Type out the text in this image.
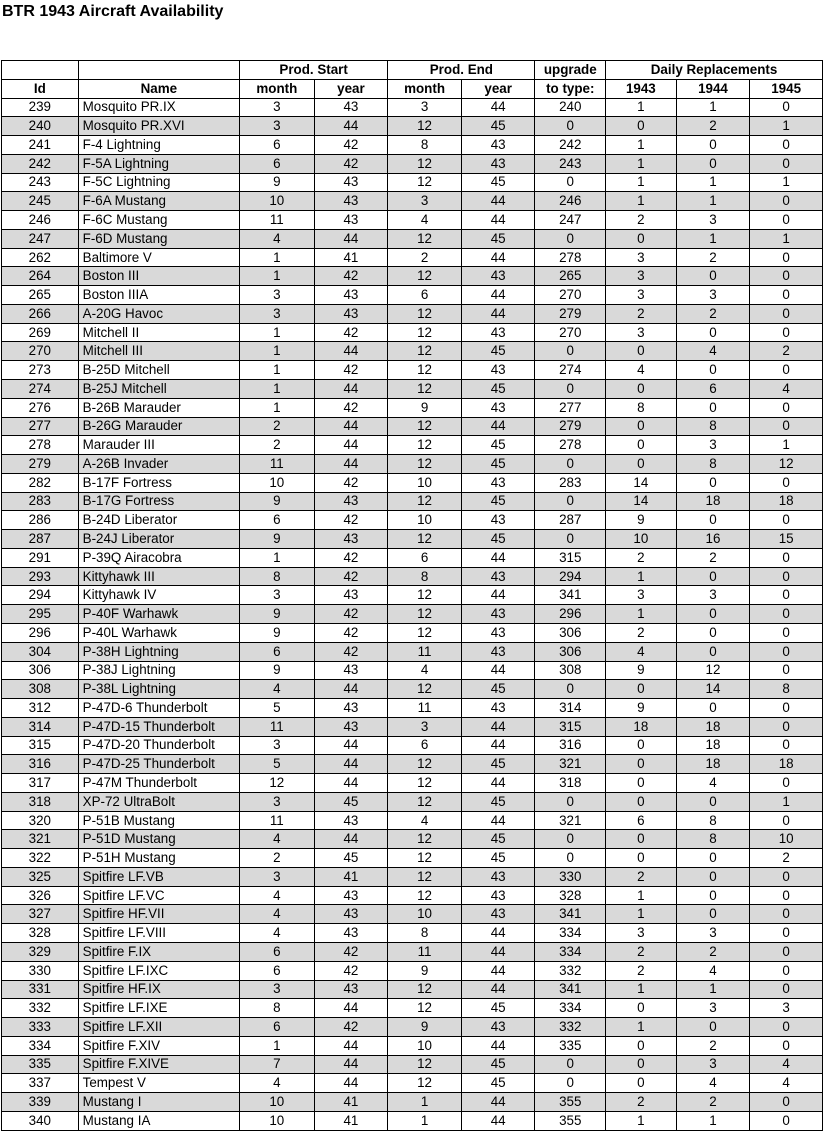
BTR 1943 Aircraft Availability
		Prod. Start		Prod. End		upgrade	Daily Replacements		
Id	Name	month	year	month	year	to type:	1943	1944	1945
239	Mosquito PR.IX	3	43	3	44	240	1	1	0
240	Mosquito PR.XVI	3	44	12	45	0	0	2	1
241	F-4 Lightning	6	42	8	43	242	1	0	0
242	F-5A Lightning	6	42	12	43	243	1	0	0
243	F-5C Lightning	9	43	12	45	0	1	1	1
245	F-6A Mustang	10	43	3	44	246	1	1	0
246	F-6C Mustang	11	43	4	44	247	2	3	0
247	F-6D Mustang	4	44	12	45	0	0	1	1
262	Baltimore V	1	41	2	44	278	3	2	0
264	Boston III	1	42	12	43	265	3	0	0
265	Boston IIIA	3	43	6	44	270	3	3	0
266	A-20G Havoc	3	43	12	44	279	2	2	0
269	Mitchell II	1	42	12	43	270	3	0	0
270	Mitchell III	1	44	12	45	0	0	4	2
273	B-25D Mitchell	1	42	12	43	274	4	0	0
274	B-25J Mitchell	1	44	12	45	0	0	6	4
276	B-26B Marauder	1	42	9	43	277	8	0	0
277	B-26G Marauder	2	44	12	44	279	0	8	0
278	Marauder III	2	44	12	45	278	0	3	1
279	A-26B Invader	11	44	12	45	0	0	8	12
282	B-17F Fortress	10	42	10	43	283	14	0	0
283	B-17G Fortress	9	43	12	45	0	14	18	18
286	B-24D Liberator	6	42	10	43	287	9	0	0
287	B-24J Liberator	9	43	12	45	0	10	16	15
291	P-39Q Airacobra	1	42	6	44	315	2	2	0
293	Kittyhawk III	8	42	8	43	294	1	0	0
294	Kittyhawk IV	3	43	12	44	341	3	3	0
295	P-40F Warhawk	9	42	12	43	296	1	0	0
296	P-40L Warhawk	9	42	12	43	306	2	0	0
304	P-38H Lightning	6	42	11	43	306	4	0	0
306	P-38J Lightning	9	43	4	44	308	9	12	0
308	P-38L Lightning	4	44	12	45	0	0	14	8
312	P-47D-6 Thunderbolt	5	43	11	43	314	9	0	0
314	P-47D-15 Thunderbolt	11	43	3	44	315	18	18	0
315	P-47D-20 Thunderbolt	3	44	6	44	316	0	18	0
316	P-47D-25 Thunderbolt	5	44	12	45	321	0	18	18
317	P-47M Thunderbolt	12	44	12	44	318	0	4	0
318	XP-72 UltraBolt	3	45	12	45	0	0	0	1
320	P-51B Mustang	11	43	4	44	321	6	8	0
321	P-51D Mustang	4	44	12	45	0	0	8	10
322	P-51H Mustang	2	45	12	45	0	0	0	2
325	Spitfire LF.VB	3	41	12	43	330	2	0	0
326	Spitfire LF.VC	4	43	12	43	328	1	0	0
327	Spitfire HF.VII	4	43	10	43	341	1	0	0
328	Spitfire LF.VIII	4	43	8	44	334	3	3	0
329	Spitfire F.IX	6	42	11	44	334	2	2	0
330	Spitfire LF.IXC	6	42	9	44	332	2	4	0
331	Spitfire HF.IX	3	43	12	44	341	1	1	0
332	Spitfire LF.IXE	8	44	12	45	334	0	3	3
333	Spitfire LF.XII	6	42	9	43	332	1	0	0
334	Spitfire F.XIV	1	44	10	44	335	0	2	0
335	Spitfire F.XIVE	7	44	12	45	0	0	3	4
337	Tempest V	4	44	12	45	0	0	4	4
339	Mustang I	10	41	1	44	355	2	2	0
340	Mustang IA	10	41	1	44	355	1	1	0
